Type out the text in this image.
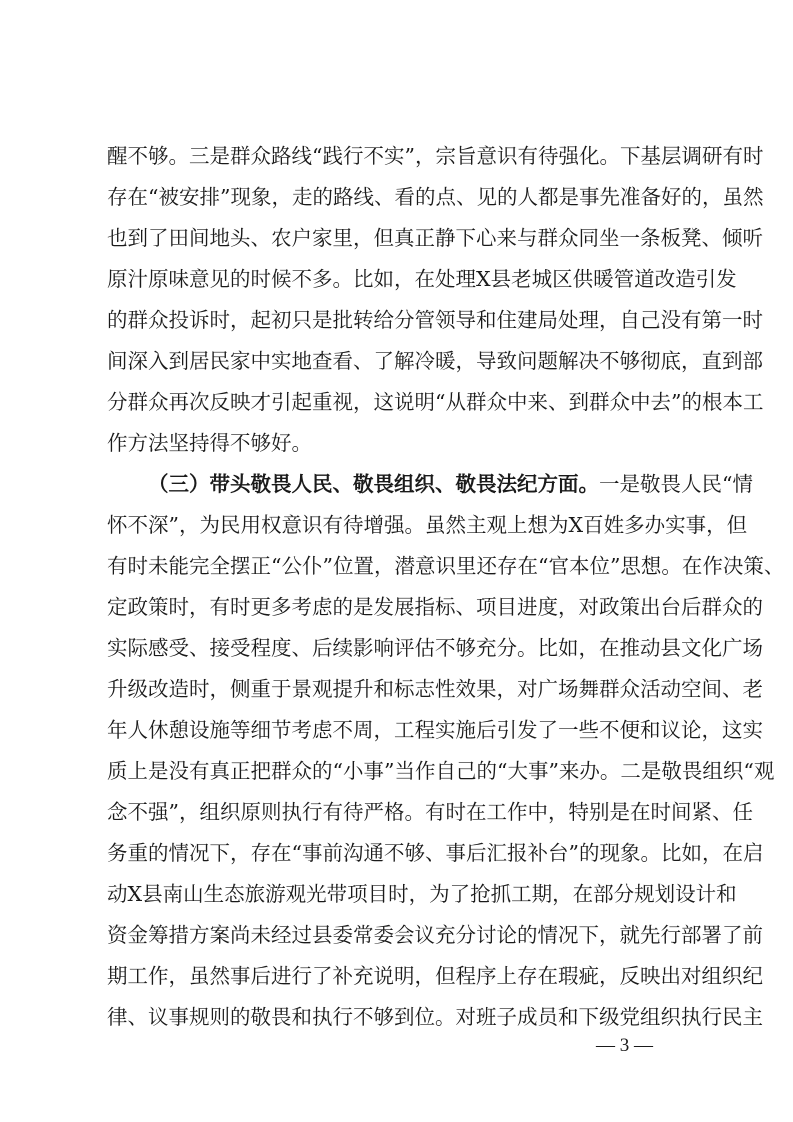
醒不够。三是群众路线“践行不实”，宗旨意识有待强化。下基层调研有时
存在“被安排”现象，走的路线、看的点、见的人都是事先准备好的，虽然
也到了田间地头、农户家里，但真正静下心来与群众同坐一条板凳、倾听
原汁原味意见的时候不多。比如，在处理X县老城区供暖管道改造引发
的群众投诉时，起初只是批转给分管领导和住建局处理，自己没有第一时
间深入到居民家中实地查看、了解冷暖，导致问题解决不够彻底，直到部
分群众再次反映才引起重视，这说明“从群众中来、到群众中去”的根本工
作方法坚持得不够好。
（三）带头敬畏人民、敬畏组织、敬畏法纪方面。一是敬畏人民“情
怀不深”，为民用权意识有待增强。虽然主观上想为X百姓多办实事，但
有时未能完全摆正“公仆”位置，潜意识里还存在“官本位”思想。在作决策、
定政策时，有时更多考虑的是发展指标、项目进度，对政策出台后群众的
实际感受、接受程度、后续影响评估不够充分。比如，在推动县文化广场
升级改造时，侧重于景观提升和标志性效果，对广场舞群众活动空间、老
年人休憩设施等细节考虑不周，工程实施后引发了一些不便和议论，这实
质上是没有真正把群众的“小事”当作自己的“大事”来办。二是敬畏组织“观
念不强”，组织原则执行有待严格。有时在工作中，特别是在时间紧、任
务重的情况下，存在“事前沟通不够、事后汇报补台”的现象。比如，在启
动X县南山生态旅游观光带项目时，为了抢抓工期，在部分规划设计和
资金筹措方案尚未经过县委常委会议充分讨论的情况下，就先行部署了前
期工作，虽然事后进行了补充说明，但程序上存在瑕疵，反映出对组织纪
律、议事规则的敬畏和执行不够到位。对班子成员和下级党组织执行民主
— 3 —
